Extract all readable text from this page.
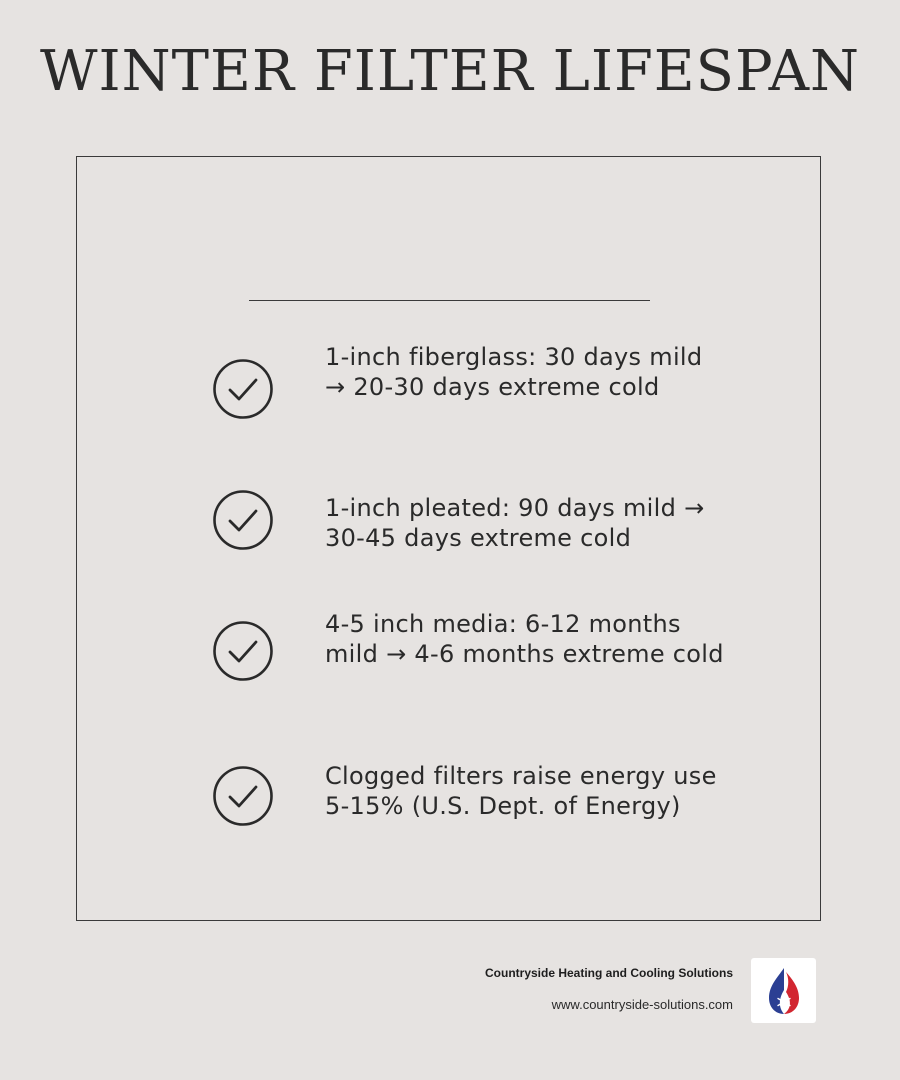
WINTER FILTER LIFESPAN
1-inch fiberglass: 30 days mild → 20-30 days extreme cold
1-inch pleated: 90 days mild → 30-45 days extreme cold
4-5 inch media: 6-12 months mild → 4-6 months extreme cold
Clogged filters raise energy use 5-15% (U.S. Dept. of Energy)
Countryside Heating and Cooling Solutions
www.countryside-solutions.com
